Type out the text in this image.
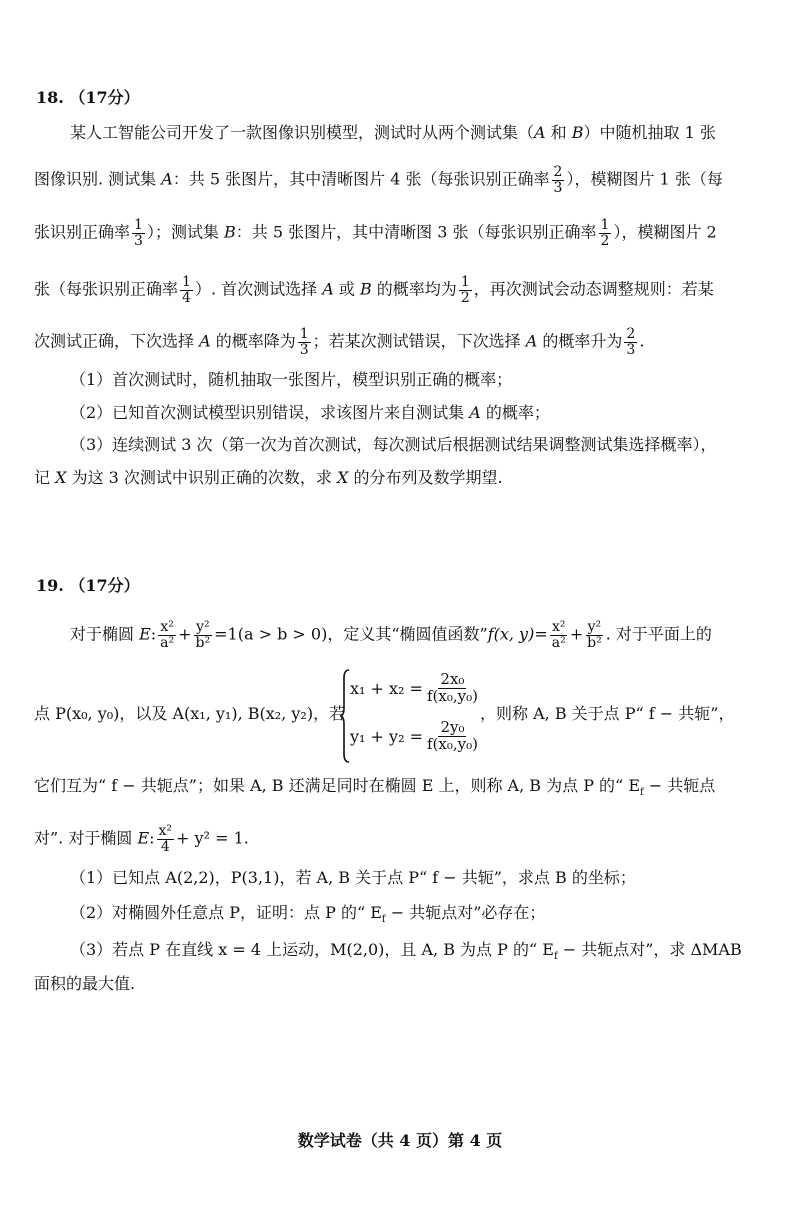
18. （17分）
某人工智能公司开发了一款图像识别模型，测试时从两个测试集（A 和 B）中随机抽取 1 张
图像识别. 测试集 A：共 5 张图片，其中清晰图片 4 张（每张识别正确率 $\frac{2}{3}$ ），模糊图片 1 张（每
张识别正确率 $\frac{1}{3}$ ）；测试集 B：共 5 张图片，其中清晰图 3 张（每张识别正确率 $\frac{1}{2}$ ），模糊图片 2
张（每张识别正确率 $\frac{1}{4}$ ）. 首次测试选择 A 或 B 的概率均为 $\frac{1}{2}$ ，再次测试会动态调整规则：若某
次测试正确，下次选择 A 的概率降为 $\frac{1}{3}$ ；若某次测试错误，下次选择 A 的概率升为 $\frac{2}{3}$ .
（1）首次测试时，随机抽取一张图片，模型识别正确的概率；
（2）已知首次测试模型识别错误，求该图片来自测试集 A 的概率；
（3）连续测试 3 次（第一次为首次测试，每次测试后根据测试结果调整测试集选择概率），
记 X 为这 3 次测试中识别正确的次数，求 X 的分布列及数学期望.
19. （17分）
对于椭圆 E: $\frac{\text{x²}}{\text{a²}} + \frac{\text{y²}}{\text{b²}} =1(a > b > 0)$，定义其“椭圆值函数”f(x, $y)= \frac{\text{x²}}{\text{a²}} + \frac{\text{y²}}{\text{b²}}$ . 对于平面上的
点 P(x₀, y₀)，以及 A(x₁, y₁), B(x₂, y₂)，若
$x_1 + x_2 = \frac{\text{2x₀}}{\text{f(x₀,y₀)}}$
$y_1 + y_2 = \frac{\text{2y₀}}{\text{f(x₀,y₀)}}$
，则称 A, B 关于点 P“ f − 共轭”，
它们互为“ f − 共轭点”；如果 A, B 还满足同时在椭圆 E 上，则称 A, B 为点 P 的“ $E_f$ − 共轭点
对”. 对于椭圆 E: $\frac{\text{x²}}{4} + y^2 = 1$.
（1）已知点 A(2,2)，P(3,1)，若 A, B 关于点 P“ f − 共轭”，求点 B 的坐标；
（2）对椭圆外任意点 P，证明：点 P 的“ $E_f$ − 共轭点对”必存在；
（3）若点 P 在直线 x = 4 上运动，M(2,0)，且 A, B 为点 P 的“ $E_f$ − 共轭点对”，求 ΔMAB
面积的最大值.
数学试卷（共 4 页）第 4 页
